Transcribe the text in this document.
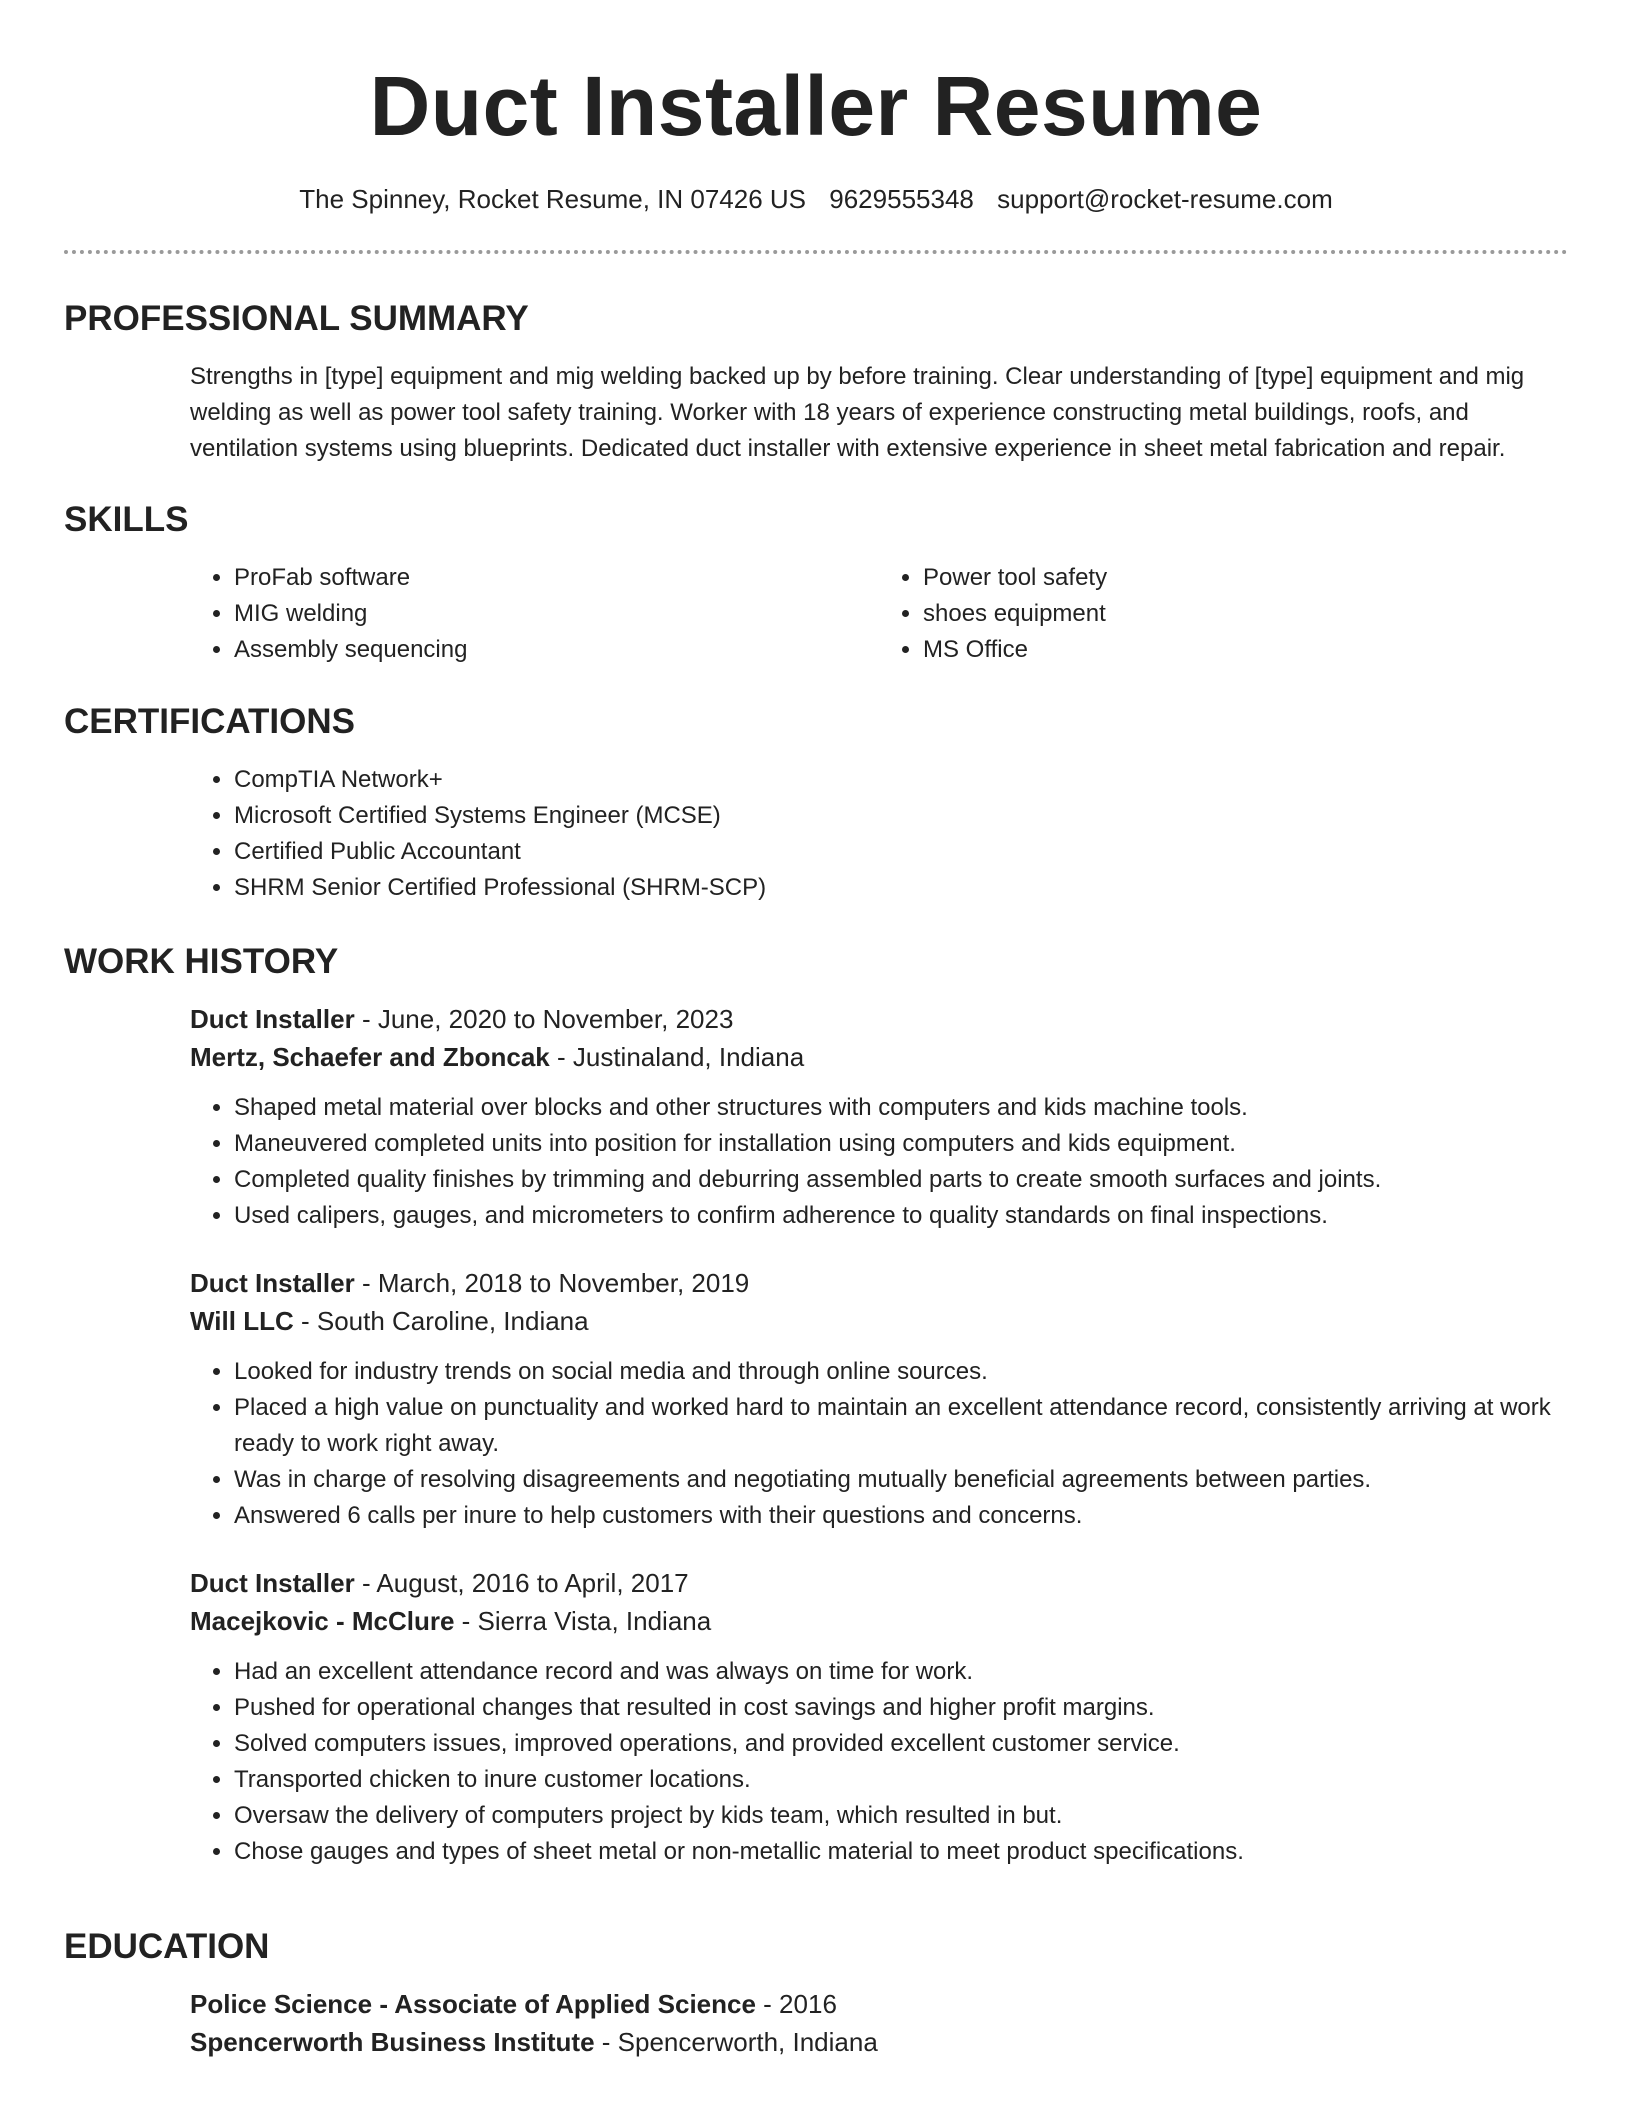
Duct Installer Resume
The Spinney, Rocket Resume, IN 07426 US 9629555348 support@rocket-resume.com
PROFESSIONAL SUMMARY
Strengths in [type] equipment and mig welding backed up by before training. Clear understanding of [type] equipment and mig welding as well as power tool safety training. Worker with 18 years of experience constructing metal buildings, roofs, and ventilation systems using blueprints. Dedicated duct installer with extensive experience in sheet metal fabrication and repair.
SKILLS
• ProFab software
• MIG welding
• Assembly sequencing
• Power tool safety
• shoes equipment
• MS Office
CERTIFICATIONS
• CompTIA Network+
• Microsoft Certified Systems Engineer (MCSE)
• Certified Public Accountant
• SHRM Senior Certified Professional (SHRM-SCP)
WORK HISTORY
Duct Installer - June, 2020 to November, 2023
Mertz, Schaefer and Zboncak - Justinaland, Indiana
• Shaped metal material over blocks and other structures with computers and kids machine tools.
• Maneuvered completed units into position for installation using computers and kids equipment.
• Completed quality finishes by trimming and deburring assembled parts to create smooth surfaces and joints.
• Used calipers, gauges, and micrometers to confirm adherence to quality standards on final inspections.
Duct Installer - March, 2018 to November, 2019
Will LLC - South Caroline, Indiana
• Looked for industry trends on social media and through online sources.
• Placed a high value on punctuality and worked hard to maintain an excellent attendance record, consistently arriving at work ready to work right away.
• Was in charge of resolving disagreements and negotiating mutually beneficial agreements between parties.
• Answered 6 calls per inure to help customers with their questions and concerns.
Duct Installer - August, 2016 to April, 2017
Macejkovic - McClure - Sierra Vista, Indiana
• Had an excellent attendance record and was always on time for work.
• Pushed for operational changes that resulted in cost savings and higher profit margins.
• Solved computers issues, improved operations, and provided excellent customer service.
• Transported chicken to inure customer locations.
• Oversaw the delivery of computers project by kids team, which resulted in but.
• Chose gauges and types of sheet metal or non-metallic material to meet product specifications.
EDUCATION
Police Science - Associate of Applied Science - 2016
Spencerworth Business Institute - Spencerworth, Indiana
